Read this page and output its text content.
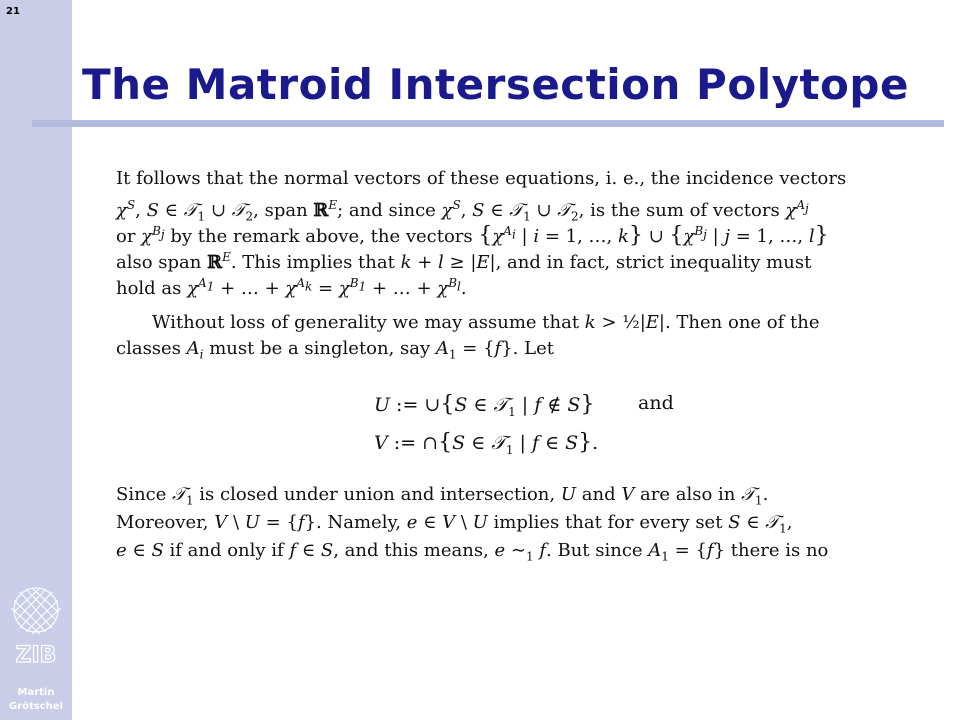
21
The Matroid Intersection Polytope
ZIB
Martin
Grötschel
It follows that the normal vectors of these equations, i. e., the incidence vectors
$\chi^S$, S ∈ 𝒯$_1$ ∪ 𝒯$_2$, span ℝ$^E$; and since $\chi^S$, S ∈ 𝒯$_1$ ∪ 𝒯$_2$, is the sum of vectors $\chi^{A_j}$
or $\chi^{B_j}$ by the remark above, the vectors {$\chi^{A_i}$ | i = 1, …, k} ∪ {$\chi^{B_j}$ | j = 1, …, l}
also span ℝ$^E$. This implies that k + l ≥ |E|, and in fact, strict inequality must
hold as $\chi^{A_1}$ + … + $\chi^{A_k} = \chi^{B_1}$ + … + $\chi^{B_l}$.
Without loss of generality we may assume that k > ½|E|. Then one of the
classes $A_i$ must be a singleton, say $A_1 = \{f\}$. Let
U := ∪{S ∈ 𝒯$_1$ | f ∉ S} and
V := ∩{S ∈ 𝒯$_1$ | f ∈ S}.
Since 𝒯$_1$ is closed under union and intersection, U and V are also in 𝒯$_1$.
Moreover, V \ U = {f}. Namely, e ∈ V \ U implies that for every set S ∈ 𝒯$_1$,
e ∈ S if and only if f ∈ S, and this means, e $\sim_1$ f. But since $A_1 = \{f\}$ there is no
